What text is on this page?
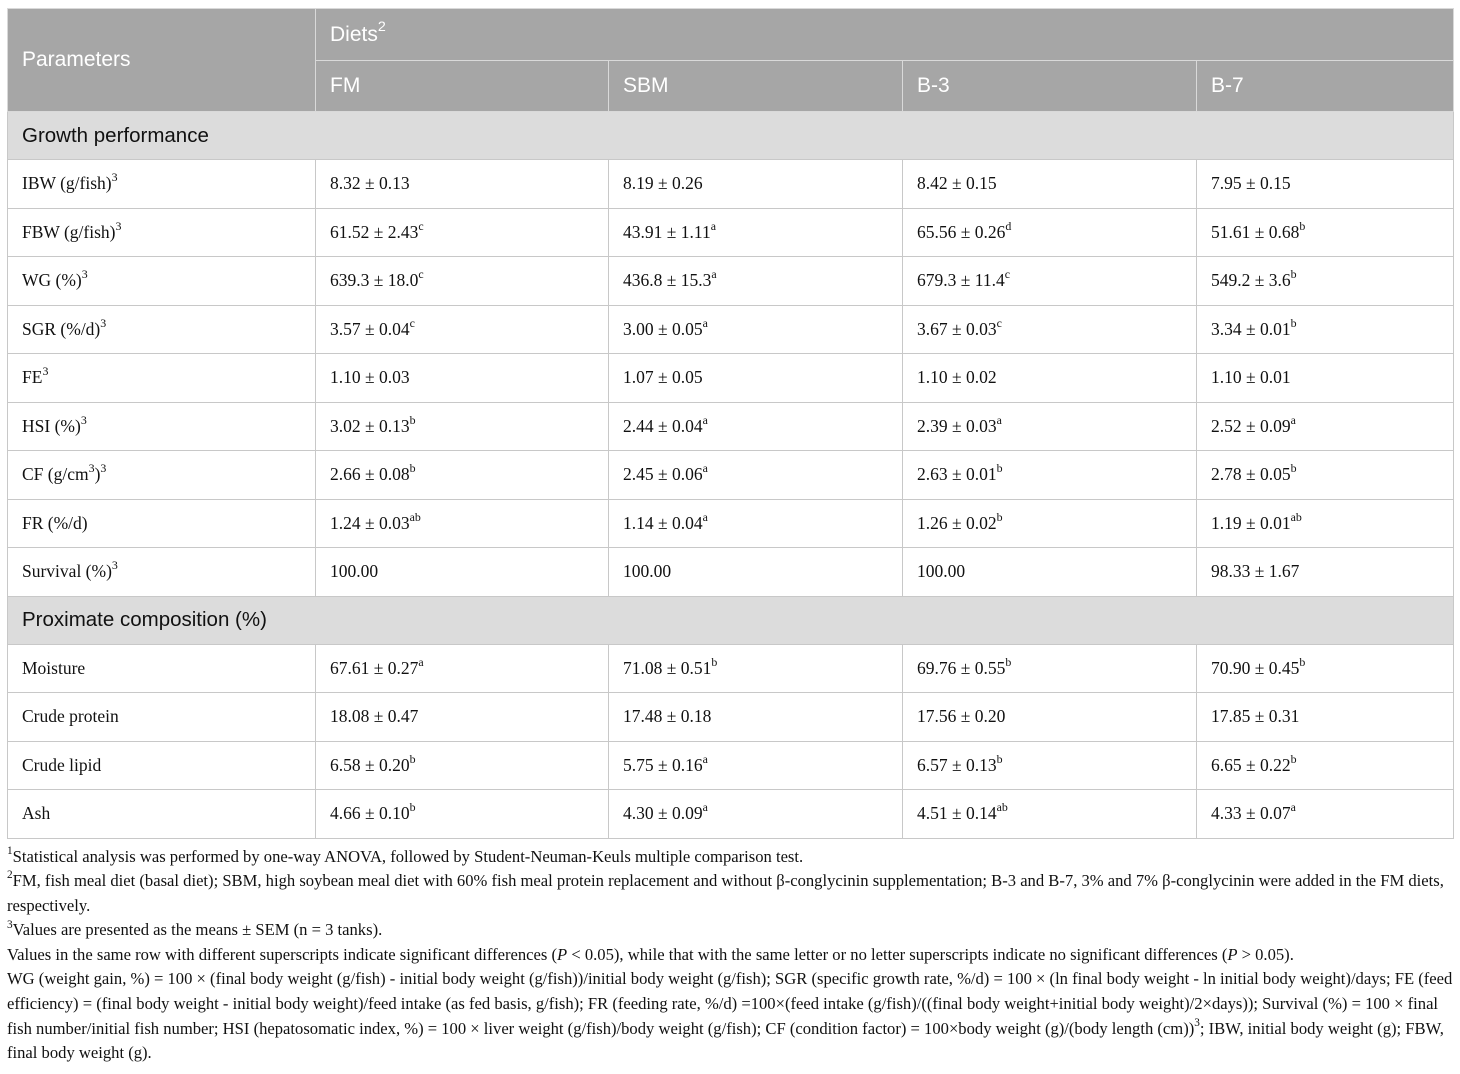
Parameters	Diets$^2$
	FM	SBM	B-3	B-7
Growth performance				
IBW (g/fish)$^3$	8.32 ± 0.13	8.19 ± 0.26	8.42 ± 0.15	7.95 ± 0.15
FBW (g/fish)$^3$	61.52 ± 2.43$^c$	43.91 ± 1.11$^a$	65.56 ± 0.26$^d$	51.61 ± 0.68$^b$
WG (%)$^3$	639.3 ± 18.0$^c$	436.8 ± 15.3$^a$	679.3 ± 11.4$^c$	549.2 ± 3.6$^b$
SGR $(\%/d)^3$	3.57 ± 0.04$^c$	3.00 ± 0.05$^a$	3.67 ± 0.03$^c$	3.34 ± 0.01$^b$
$FE^3$	1.10 ± 0.03	1.07 ± 0.05	1.10 ± 0.02	1.10 ± 0.01
HSI (%)$^3$	3.02 ± 0.13$^b$	2.44 ± 0.04$^a$	2.39 ± 0.03$^a$	2.52 ± 0.09$^a$
CF $(g/cm^3)^3$	2.66 ± 0.08$^b$	2.45 ± 0.06$^a$	2.63 ± 0.01$^b$	2.78 ± 0.05$^b$
FR (%/d)	1.24 ± 0.03$^{ab}$	1.14 ± 0.04$^a$	1.26 ± 0.02$^b$	1.19 ± 0.01$^{ab}$
Survival (%)$^3$	100.00	100.00	100.00	98.33 ± 1.67
Proximate composition (%)				
Moisture	67.61 ± 0.27$^a$	71.08 ± 0.51$^b$	69.76 ± 0.55$^b$	70.90 ± 0.45$^b$
Crude protein	18.08 ± 0.47	17.48 ± 0.18	17.56 ± 0.20	17.85 ± 0.31
Crude lipid	6.58 ± 0.20$^b$	5.75 ± 0.16$^a$	6.57 ± 0.13$^b$	6.65 ± 0.22$^b$
Ash	4.66 ± 0.10$^b$	4.30 ± 0.09$^a$	4.51 ± 0.14$^{ab}$	4.33 ± 0.07$^a$

$^1$Statistical analysis was performed by one-way ANOVA, followed by Student-Neuman-Keuls multiple comparison test.

$^2$FM, fish meal diet (basal diet); SBM, high soybean meal diet with 60% fish meal protein replacement and without β-conglycinin supplementation; B-3 and B-7, 3% and 7% β-conglycinin were added in the FM diets, respectively.

$^3$Values are presented as the means ± SEM (n = 3 tanks).

Values in the same row with different superscripts indicate significant differences (P < 0.05), while that with the same letter or no letter superscripts indicate no significant differences (P > 0.05).

WG (weight gain, %) = 100 × (final body weight (g/fish) - initial body weight (g/fish))/initial body weight (g/fish); SGR (specific growth rate, %/d) = 100 × (ln final body weight - ln initial body weight)/days; FE (feed efficiency) = (final body weight - initial body weight)/feed intake (as fed basis, g/fish); FR (feeding rate, %/d) =100×(feed intake (g/fish)/((final body weight+initial body weight)/2×days)); Survival (%) = 100 × final fish number/initial fish number; HSI (hepatosomatic index, %) = 100 × liver weight (g/fish)/body weight (g/fish); CF (condition factor) = 100×body weight (g)/(body length (cm))$^3$; IBW, initial body weight (g); FBW, final body weight (g).
